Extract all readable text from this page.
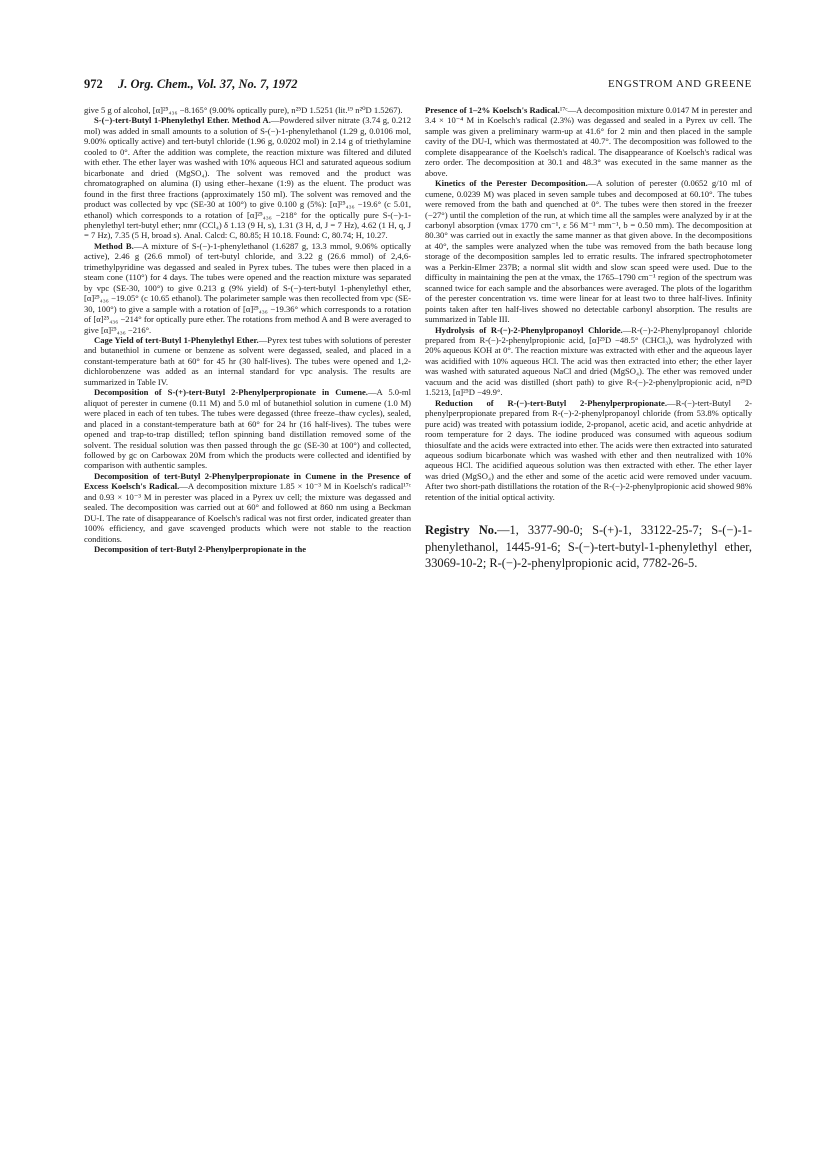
972 J. Org. Chem., Vol. 37, No. 7, 1972	ENGSTROM AND GREENE

give 5 g of alcohol, [α]²⁵₄₃₆ −8.165° (9.00% optically pure), n²⁵D 1.5251 (lit.¹⁹ n²⁰D 1.5267).

S-(−)-tert-Butyl 1-Phenylethyl Ether. Method A.—Powdered silver nitrate (3.74 g, 0.212 mol) was added in small amounts to a solution of S-(−)-1-phenylethanol (1.29 g, 0.0106 mol, 9.00% optically active) and tert-butyl chloride (1.96 g, 0.0202 mol) in 2.14 g of triethylamine cooled to 0°. After the addition was complete, the reaction mixture was filtered and diluted with ether. The ether layer was washed with 10% aqueous HCl and saturated aqueous sodium bicarbonate and dried (MgSO₄). The solvent was removed and the product was chromatographed on alumina (I) using ether–hexane (1:9) as the eluent. The product was found in the first three fractions (approximately 150 ml). The solvent was removed and the product was collected by vpc (SE-30 at 100°) to give 0.100 g (5%): [α]²⁵₄₃₆ −19.6° (c 5.01, ethanol) which corresponds to a rotation of [α]²⁵₄₃₆ −218° for the optically pure S-(−)-1-phenylethyl tert-butyl ether; nmr (CCl₄) δ 1.13 (9 H, s), 1.31 (3 H, d, J = 7 Hz), 4.62 (1 H, q, J = 7 Hz), 7.35 (5 H, broad s). Anal. Calcd: C, 80.85; H 10.18. Found: C, 80.74; H, 10.27.

Method B.—A mixture of S-(−)-1-phenylethanol (1.6287 g, 13.3 mmol, 9.06% optically active), 2.46 g (26.6 mmol) of tert-butyl chloride, and 3.22 g (26.6 mmol) of 2,4,6-trimethylpyridine was degassed and sealed in Pyrex tubes. The tubes were then placed in a steam cone (110°) for 4 days. The tubes were opened and the reaction mixture was separated by vpc (SE-30, 100°) to give 0.213 g (9% yield) of S-(−)-tert-butyl 1-phenylethyl ether, [α]²⁵₄₃₆ −19.05° (c 10.65 ethanol). The polarimeter sample was then recollected from vpc (SE-30, 100°) to give a sample with a rotation of [α]²⁵₄₃₆ −19.36° which corresponds to a rotation of [α]²⁵₄₃₆ −214° for optically pure ether. The rotations from method A and B were averaged to give [α]²⁵₄₃₆ −216°.

Cage Yield of tert-Butyl 1-Phenylethyl Ether.—Pyrex test tubes with solutions of perester and butanethiol in cumene or benzene as solvent were degassed, sealed, and placed in a constant-temperature bath at 60° for 45 hr (30 half-lives). The tubes were opened and 1,2-dichlorobenzene was added as an internal standard for vpc analysis. The results are summarized in Table IV.

Decomposition of S-(+)-tert-Butyl 2-Phenylperpropionate in Cumene.—A 5.0-ml aliquot of perester in cumene (0.11 M) and 5.0 ml of butanethiol solution in cumene (1.0 M) were placed in each of ten tubes. The tubes were degassed (three freeze–thaw cycles), sealed, and placed in a constant-temperature bath at 60° for 24 hr (16 half-lives). The tubes were opened and trap-to-trap distilled; teflon spinning band distillation removed some of the solvent. The residual solution was then passed through the gc (SE-30 at 100°) and collected, followed by gc on Carbowax 20M from which the products were collected and identified by comparison with authentic samples.

Decomposition of tert-Butyl 2-Phenylperpropionate in Cumene in the Presence of Excess Koelsch's Radical.—A decomposition mixture 1.85 × 10⁻³ M in Koelsch's radical¹⁷ᶜ and 0.93 × 10⁻³ M in perester was placed in a Pyrex uv cell; the mixture was degassed and sealed. The decomposition was carried out at 60° and followed at 860 nm using a Beckman DU-I. The rate of disappearance of Koelsch's radical was not first order, indicated greater than 100% efficiency, and gave scavenged products which were not stable to the reaction conditions.

Decomposition of tert-Butyl 2-Phenylperpropionate in the

Presence of 1–2% Koelsch's Radical.¹⁷ᶜ—A decomposition mixture 0.0147 M in perester and 3.4 × 10⁻⁴ M in Koelsch's radical (2.3%) was degassed and sealed in a Pyrex uv cell. The sample was given a preliminary warm-up at 41.6° for 2 min and then placed in the sample cavity of the DU-I, which was thermostated at 40.7°. The decomposition was followed to the complete disappearance of the Koelsch's radical. The disappearance of Koelsch's radical was zero order. The decomposition at 30.1 and 48.3° was executed in the same manner as the above.

Kinetics of the Perester Decomposition.—A solution of perester (0.0652 g/10 ml of cumene, 0.0239 M) was placed in seven sample tubes and decomposed at 60.10°. The tubes were removed from the bath and quenched at 0°. The tubes were then stored in the freezer (−27°) until the completion of the run, at which time all the samples were analyzed by ir at the carbonyl absorption (νmax 1770 cm⁻¹, ε 56 M⁻¹ mm⁻¹, b = 0.50 mm). The decomposition at 80.30° was carried out in exactly the same manner as that given above. In the decompositions at 40°, the samples were analyzed when the tube was removed from the bath because long storage of the decomposition samples led to erratic results. The infrared spectrophotometer was a Perkin-Elmer 237B; a normal slit width and slow scan speed were used. Due to the difficulty in maintaining the pen at the νmax, the 1765–1790 cm⁻¹ region of the spectrum was scanned twice for each sample and the absorbances were averaged. The plots of the logarithm of the perester concentration vs. time were linear for at least two to three half-lives. Infinity points taken after ten half-lives showed no detectable carbonyl absorption. The results are summarized in Table III.

Hydrolysis of R-(−)-2-Phenylpropanoyl Chloride.—R-(−)-2-Phenylpropanoyl chloride prepared from R-(−)-2-phenylpropionic acid, [α]²⁵D −48.5° (CHCl₃), was hydrolyzed with 20% aqueous KOH at 0°. The reaction mixture was extracted with ether and the aqueous layer was acidified with 10% aqueous HCl. The acid was then extracted into ether; the ether layer was washed with saturated aqueous NaCl and dried (MgSO₄). The ether was removed under vacuum and the acid was distilled (short path) to give R-(−)-2-phenylpropionic acid, n²⁵D 1.5213, [α]²⁵D −49.9°.

Reduction of R-(−)-tert-Butyl 2-Phenylperpropionate.—R-(−)-tert-Butyl 2-phenylperpropionate prepared from R-(−)-2-phenylpropanoyl chloride (from 53.8% optically pure acid) was treated with potassium iodide, 2-propanol, acetic acid, and acetic anhydride at room temperature for 2 days. The iodine produced was consumed with aqueous sodium thiosulfate and the acids were extracted into ether. The acids were then extracted into saturated aqueous sodium bicarbonate which was washed with ether and then neutralized with 10% aqueous HCl. The acidified aqueous solution was then extracted with ether. The ether layer was dried (MgSO₄) and the ether and some of the acetic acid were removed under vacuum. After two short-path distillations the rotation of the R-(−)-2-phenylpropionic acid showed 98% retention of the initial optical activity.

Registry No.—1, 3377-90-0; S-(+)-1, 33122-25-7; S-(−)-1-phenylethanol, 1445-91-6; S-(−)-tert-butyl-1-phenylethyl ether, 33069-10-2; R-(−)-2-phenylpropionic acid, 7782-26-5.
